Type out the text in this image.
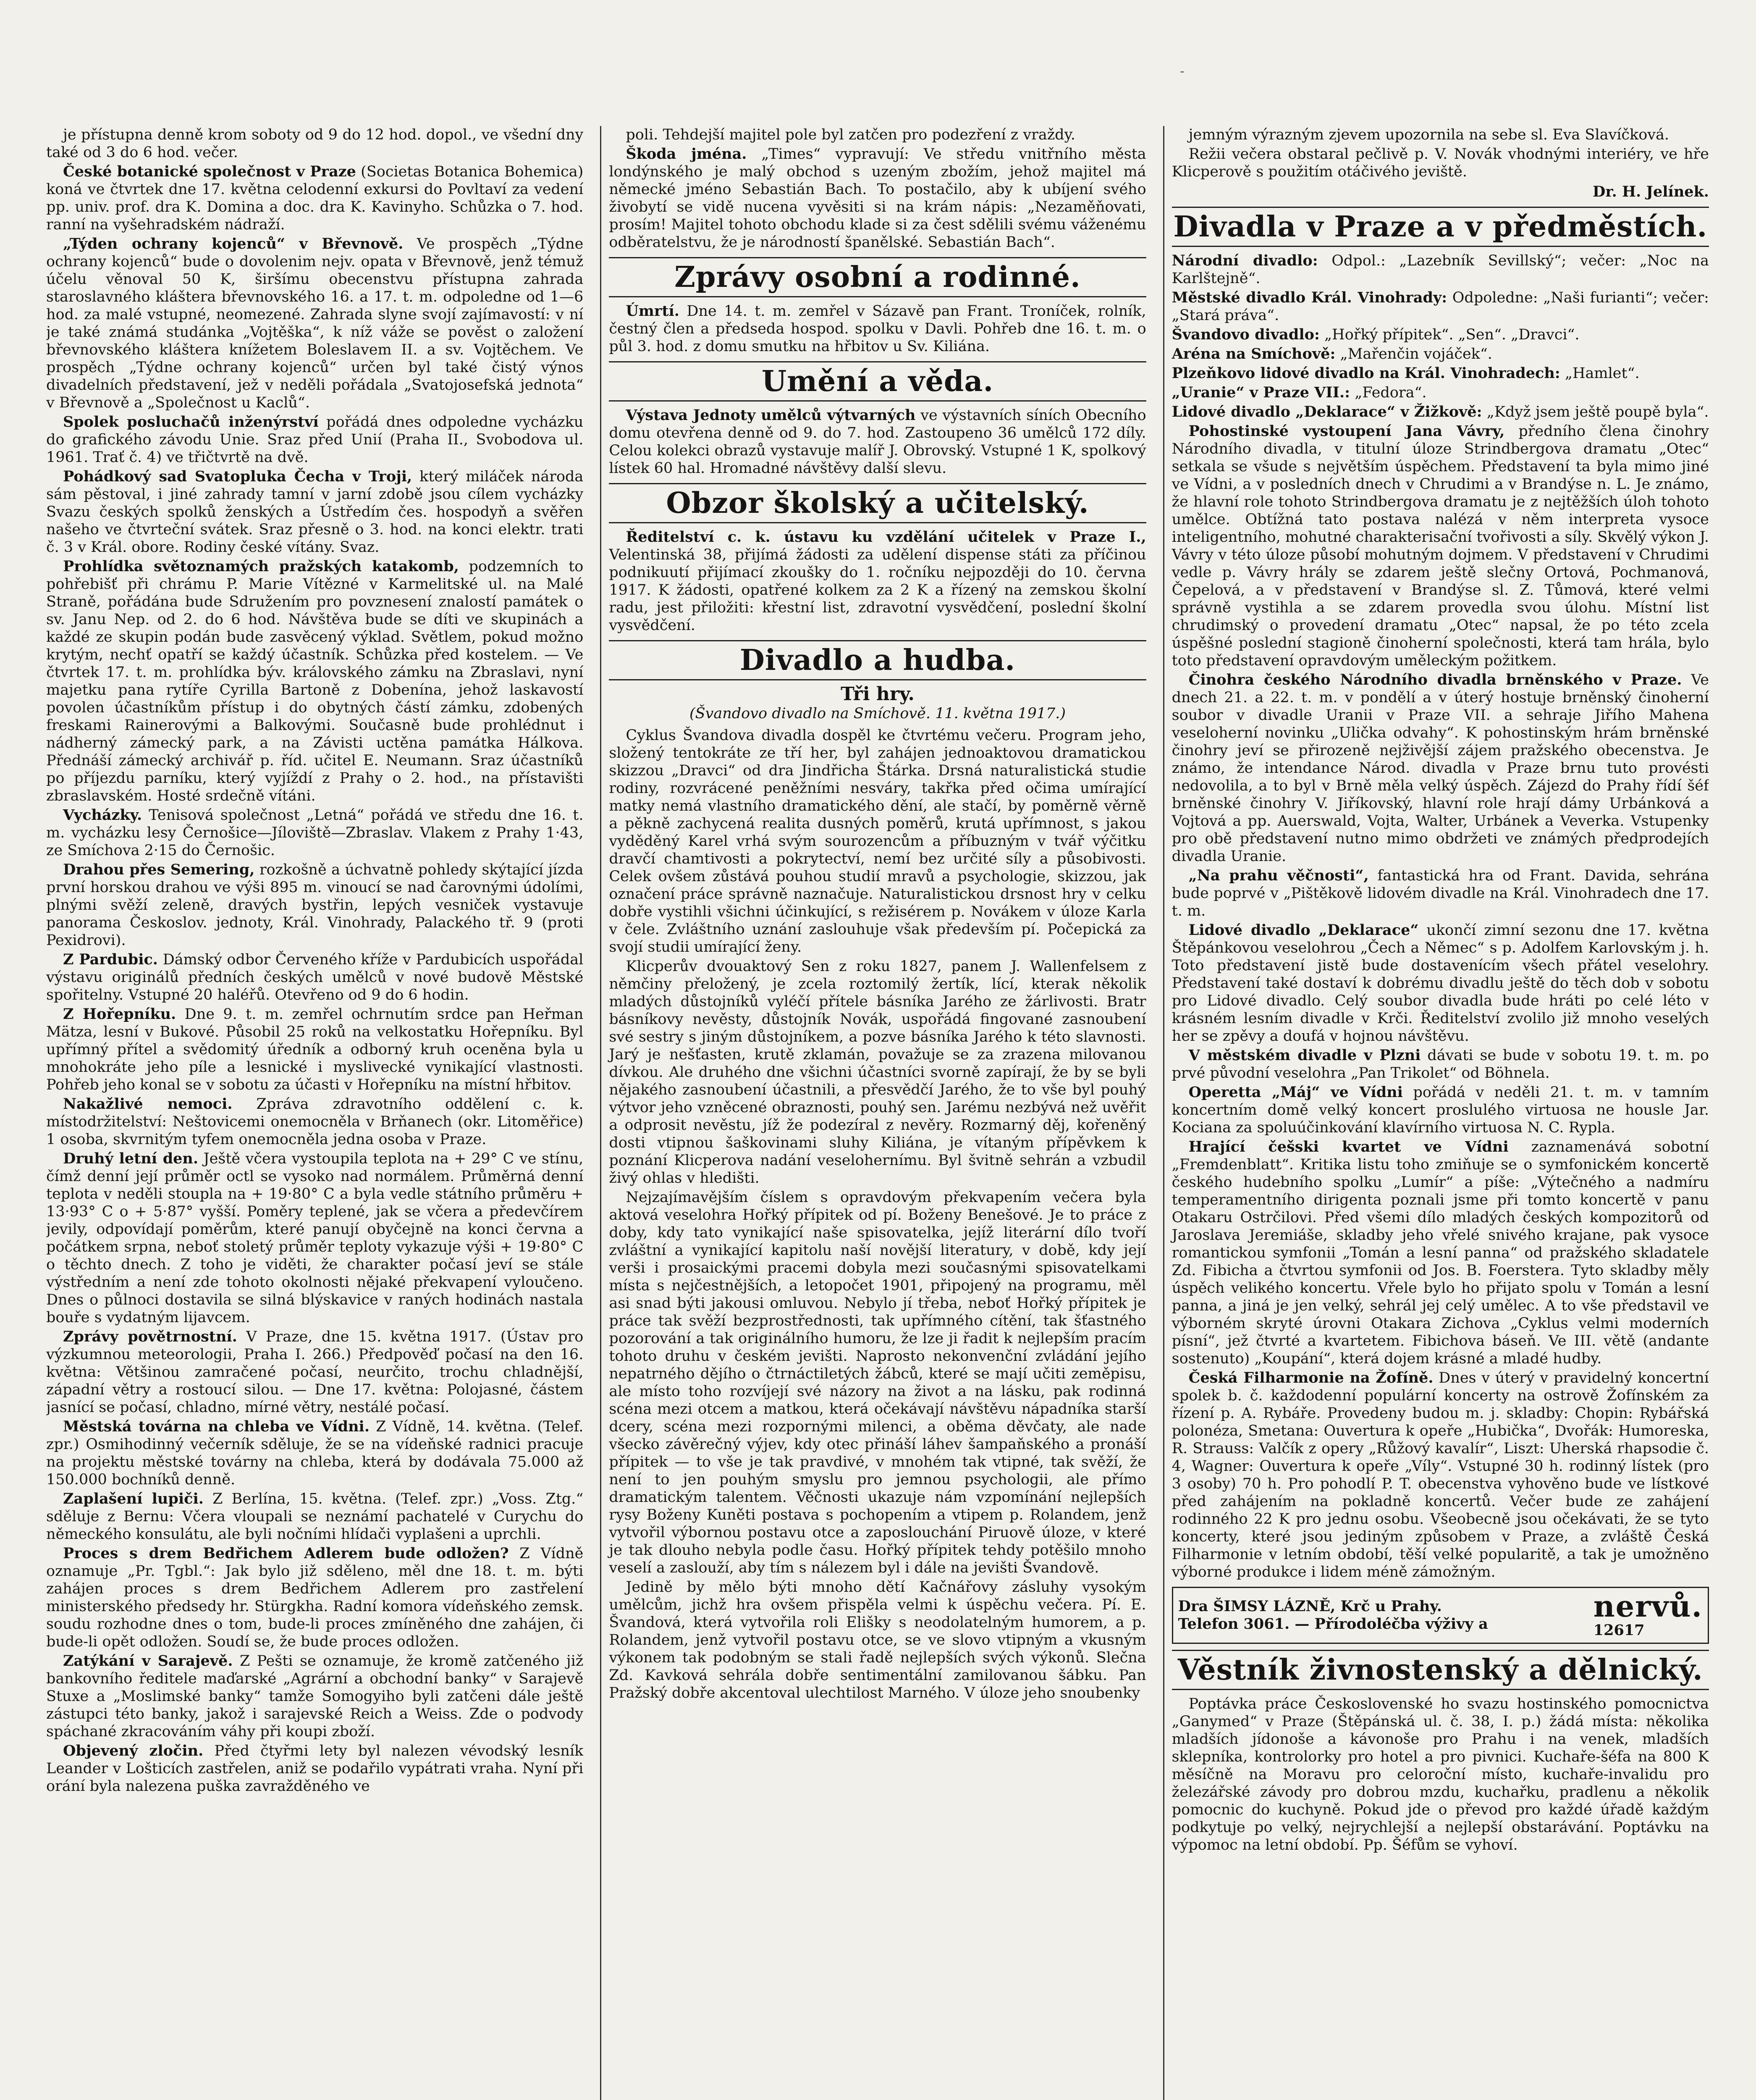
je přístupna denně krom soboty od 9 do 12 hod. dopol., ve všední dny také od 3 do 6 hod. večer.

České botanické společnost v Praze (Societas Botanica Bohemica) koná ve čtvrtek dne 17. května celodenní exkursi do Povltaví za vedení pp. univ. prof. dra K. Domina a doc. dra K. Kavinyho. Schůzka o 7. hod. ranní na vyšehradském nádraží.

„Týden ochrany kojenců“ v Břevnově. Ve prospěch „Týdne ochrany kojenců“ bude o dovolenim nejv. opata v Břevnově, jenž témuž účelu věnoval 50 K, širšímu obecenstvu přístupna zahrada staroslavného kláštera břevnovského 16. a 17. t. m. odpoledne od 1—6 hod. za malé vstupné, neomezené. Zahrada slyne svojí zajímavostí: v ní je také známá studánka „Vojtěška“, k níž váže se pověst o založení břevnovského kláštera knížetem Boleslavem II. a sv. Vojtěchem. Ve prospěch „Týdne ochrany kojenců“ určen byl také čistý výnos divadelních představení, jež v neděli pořádala „Svatojosefská jednota“ v Břevnově a „Společnost u Kaclů“.

Spolek posluchačů inženýrství pořádá dnes odpoledne vycházku do grafického závodu Unie. Sraz před Unií (Praha II., Svobodova ul. 1961. Trať č. 4) ve třičtvrtě na dvě.

Pohádkový sad Svatopluka Čecha v Troji, který miláček národa sám pěstoval, i jiné zahrady tamní v jarní zdobě jsou cílem vycházky Svazu českých spolků ženských a Ústředím čes. hospodyň a svěřen našeho ve čtvrteční svátek. Sraz přesně o 3. hod. na konci elektr. trati č. 3 v Král. obore. Rodiny české vítány. Svaz.

Prohlídka světoznamých pražských katakomb, podzemních to pohřebišť při chrámu P. Marie Vítězné v Karmelitské ul. na Malé Straně, pořádána bude Sdružením pro povznesení znalostí památek o sv. Janu Nep. od 2. do 6 hod. Návštěva bude se díti ve skupinách a každé ze skupin podán bude zasvěcený výklad. Světlem, pokud možno krytým, nechť opatří se každý účastník. Schůzka před kostelem. — Ve čtvrtek 17. t. m. prohlídka býv. královského zámku na Zbraslavi, nyní majetku pana rytíře Cyrilla Bartoně z Dobenína, jehož laskavostí povolen účastníkům přístup i do obytných částí zámku, zdobených freskami Rainerovými a Balkovými. Současně bude prohlédnut i nádherný zámecký park, a na Závisti uctěna památka Hálkova. Přednáší zámecký archivář p. říd. učitel E. Neumann. Sraz účastníků po příjezdu parníku, který vyjíždí z Prahy o 2. hod., na přístavišti zbraslavském. Hosté srdečně vítáni.

Vycházky. Tenisová společnost „Letná“ pořádá ve středu dne 16. t. m. vycházku lesy Černošice—Jíloviště—Zbraslav. Vlakem z Prahy 1·43, ze Smíchova 2·15 do Černošic.

Drahou přes Semering, rozkošně a úchvatně pohledy skýtající jízda první horskou drahou ve výši 895 m. vinoucí se nad čarovnými údolími, plnými svěží zeleně, dravých bystřin, lepých vesniček vystavuje panorama Českoslov. jednoty, Král. Vinohrady, Palackého tř. 9 (proti Pexidrovi).

Z Pardubic. Dámský odbor Červeného kříže v Pardubicích uspořádal výstavu originálů předních českých umělců v nové budově Městské spořitelny. Vstupné 20 haléřů. Otevřeno od 9 do 6 hodin.

Z Hořepníku. Dne 9. t. m. zemřel ochrnutím srdce pan Heřman Mätza, lesní v Bukové. Působil 25 roků na velkostatku Hořepníku. Byl upřímný přítel a svědomitý úředník a odborný kruh oceněna byla u mnohokráte jeho píle a lesnické i myslivecké vynikající vlastnosti. Pohřeb jeho konal se v sobotu za účasti v Hořepníku na místní hřbitov.

Nakažlivé nemoci. Zpráva zdravotního oddělení c. k. místodržitelství: Neštovicemi onemocněla v Brňanech (okr. Litoměřice) 1 osoba, skvrnitým tyfem onemocněla jedna osoba v Praze.

Druhý letní den. Ještě včera vystoupila teplota na + 29° C ve stínu, čímž denní její průměr octl se vysoko nad normálem. Průměrná denní teplota v neděli stoupla na + 19·80° C a byla vedle státního průměru + 13·93° C o + 5·87° vyšší. Poměry teplené, jak se včera a předevčírem jevily, odpovídají poměrům, které panují obyčejně na konci června a počátkem srpna, neboť stoletý průměr teploty vykazuje výši + 19·80° C o těchto dnech. Z toho je viděti, že charakter počasí jeví se stále výstředním a není zde tohoto okolnosti nějaké překvapení vyloučeno. Dnes o půlnoci dostavila se silná blýskavice v raných hodinách nastala bouře s vydatným lijavcem.

Zprávy povětrnostní. V Praze, dne 15. května 1917. (Ústav pro výzkumnou meteorologii, Praha I. 266.) Předpověď počasí na den 16. května: Většinou zamračené počasí, neurčito, trochu chladnější, západní větry a rostoucí silou. — Dne 17. května: Polojasné, částem jasnící se počasí, chladno, mírné větry, nestálé počasí.

Městská továrna na chleba ve Vídni. Z Vídně, 14. května. (Telef. zpr.) Osmihodinný večerník sděluje, že se na vídeňské radnici pracuje na projektu městské továrny na chleba, která by dodávala 75.000 až 150.000 bochníků denně.

Zaplašení lupiči. Z Berlína, 15. května. (Telef. zpr.) „Voss. Ztg.“ sděluje z Bernu: Včera vloupali se neznámí pachatelé v Curychu do německého konsulátu, ale byli nočními hlídači vyplašeni a uprchli.

Proces s drem Bedřichem Adlerem bude odložen? Z Vídně oznamuje „Pr. Tgbl.“: Jak bylo již sděleno, měl dne 18. t. m. býti zahájen proces s drem Bedřichem Adlerem pro zastřelení ministerského předsedy hr. Stürgkha. Radní komora vídeňského zemsk. soudu rozhodne dnes o tom, bude-li proces zmíněného dne zahájen, či bude-li opět odložen. Soudí se, že bude proces odložen.

Zatýkání v Sarajevě. Z Pešti se oznamuje, že kromě zatčeného již bankovního ředitele maďarské „Agrární a obchodní banky“ v Sarajevě Stuxe a „Moslimské banky“ tamže Somogyiho byli zatčeni dále ještě zástupci této banky, jakož i sarajevské Reich a Weiss. Zde o podvody spáchané zkracováním váhy při koupi zboží.

Objevený zločin. Před čtyřmi lety byl nalezen vévodský lesník Leander v Lošticích zastřelen, aniž se podařilo vypátrati vraha. Nyní při orání byla nalezena puška zavražděného ve

poli. Tehdejší majitel pole byl zatčen pro podezření z vraždy.

Škoda jména. „Times“ vypravují: Ve středu vnitřního města londýnského je malý obchod s uzeným zbožím, jehož majitel má německé jméno Sebastián Bach. To postačilo, aby k ubíjení svého živobytí se vidě nucena vyvěsiti si na krám nápis: „Nezaměňovati, prosím! Majitel tohoto obchodu klade si za čest sdělili svému váženému odběratelstvu, že je národností španělské. Sebastián Bach“.

Zprávy osobní a rodinné.

Úmrtí. Dne 14. t. m. zemřel v Sázavě pan Frant. Troníček, rolník, čestný člen a předseda hospod. spolku v Davli. Pohřeb dne 16. t. m. o půl 3. hod. z domu smutku na hřbitov u Sv. Kiliána.

Umění a věda.

Výstava Jednoty umělců výtvarných ve výstavních síních Obecního domu otevřena denně od 9. do 7. hod. Zastoupeno 36 umělců 172 díly. Celou kolekci obrazů vystavuje malíř J. Obrovský. Vstupné 1 K, spolkový lístek 60 hal. Hromadné návštěvy další slevu.

Obzor školský a učitelský.

Ředitelství c. k. ústavu ku vzdělání učitelek v Praze I., Velentinská 38, přijímá žádosti za udělení dispense státi za příčinou podnikuutí přijímací zkoušky do 1. ročníku nejpozději do 10. června 1917. K žádosti, opatřené kolkem za 2 K a řízený na zemskou školní radu, jest přiložiti: křestní list, zdravotní vysvědčení, poslední školní vysvědčení.

Divadlo a hudba.
Tři hry.
(Švandovo divadlo na Smíchově. 11. května 1917.)

Cyklus Švandova divadla dospěl ke čtvrtému večeru. Program jeho, složený tentokráte ze tří her, byl zahájen jednoaktovou dramatickou skizzou „Dravci“ od dra Jindřicha Štárka. Drsná naturalistická studie rodiny, rozvrácené peněžními nesváry, takřka před očima umírající matky nemá vlastního dramatického dění, ale stačí, by poměrně věrně a pěkně zachycená realita dusných poměrů, krutá upřímnost, s jakou vyděděný Karel vrhá svým sourozencům a příbuzným v tvář výčitku dravčí chamtivosti a pokrytectví, nemí bez určité síly a působivosti. Celek ovšem zůstává pouhou studií mravů a psychologie, skizzou, jak označení práce správně naznačuje. Naturalistickou drsnost hry v celku dobře vystihli všichni účinkující, s režisérem p. Novákem v úloze Karla v čele. Zvláštního uznání zaslouhuje však především pí. Počepická za svojí studii umírající ženy.

Klicperův dvouaktový Sen z roku 1827, panem J. Wallenfelsem z němčiny přeložený, je zcela roztomilý žertík, lící, kterak několik mladých důstojníků vyléčí přítele básníka Jarého ze žárlivosti. Bratr básníkovy nevěsty, důstojník Novák, uspořádá fingované zasnoubení své sestry s jiným důstojníkem, a pozve básníka Jarého k této slavnosti. Jarý je nešťasten, krutě zklamán, považuje se za zrazena milovanou dívkou. Ale druhého dne všichni účastníci svorně zapírají, že by se byli nějakého zasnoubení účastnili, a přesvědčí Jarého, že to vše byl pouhý výtvor jeho vzněcené obraznosti, pouhý sen. Jarému nezbývá než uvěřit a odprosit nevěstu, jíž že podezíral z nevěry. Rozmarný děj, kořeněný dosti vtipnou šaškovinami sluhy Kiliána, je vítaným přípěvkem k poznání Klicperova nadání veselohernímu. Byl švitně sehrán a vzbudil živý ohlas v hledišti.

Nejzajímavějším číslem s opravdovým překvapením večera byla aktová veselohra Hořký přípitek od pí. Boženy Benešové. Je to práce z doby, kdy tato vynikající naše spisovatelka, jejíž literární dílo tvoří zvláštní a vynikající kapitolu naší novější literatury, v době, kdy její verši i prosaickými pracemi dobyla mezi současnými spisovatelkami místa s nejčestnějších, a letopočet 1901, připojený na programu, měl asi snad býti jakousi omluvou. Nebylo jí třeba, neboť Hořký přípitek je práce tak svěží bezprostřednosti, tak upřímného cítění, tak šťastného pozorování a tak originálního humoru, že lze ji řadit k nejlepším pracím tohoto druhu v českém jevišti. Naprosto nekonvenční zvládání jejího nepatrného dějího o čtrnáctiletých žábců, které se mají učiti zeměpisu, ale místo toho rozvíjejí své názory na život a na lásku, pak rodinná scéna mezi otcem a matkou, která očekávají návštěvu nápadníka starší dcery, scéna mezi rozpornými milenci, a oběma děvčaty, ale nade všecko závěrečný výjev, kdy otec přináší láhev šampaňského a pronáší přípitek — to vše je tak pravdivé, v mnohém tak vtipné, tak svěží, že není to jen pouhým smyslu pro jemnou psychologii, ale přímo dramatickým talentem. Věčnosti ukazuje nám vzpomínání nejlepších rysy Boženy Kuněti postava s pochopením a vtipem p. Rolandem, jenž vytvořil výbornou postavu otce a zaposlouchání Piruově úloze, v které je tak dlouho nebyla podle času. Hořký přípitek tehdy potěšilo mnoho veselí a zaslouží, aby tím s nálezem byl i dále na jevišti Švandově.

Jedině by mělo býti mnoho dětí Kačnářovy zásluhy vysokým umělcům, jichž hra ovšem přispěla velmi k úspěchu večera. Pí. E. Švandová, která vytvořila roli Elišky s neodolatelným humorem, a p. Rolandem, jenž vytvořil postavu otce, se ve slovo vtipným a vkusným výkonem tak podobným se stali řadě nejlepších svých výkonů. Slečna Zd. Kavková sehrála dobře sentimentální zamilovanou šábku. Pan Pražský dobře akcentoval ulechtilost Marného. V úloze jeho snoubenky

jemným výrazným zjevem upozornila na sebe sl. Eva Slavíčková.

Režii večera obstaral pečlivě p. V. Novák vhodnými interiéry, ve hře Klicperově s použitím otáčivého jeviště.

Dr. H. Jelínek.
Divadla v Praze a v předměstích.

Národní divadlo: Odpol.: „Lazebník Sevillský“; večer: „Noc na Karlštejně“.

Městské divadlo Král. Vinohrady: Odpoledne: „Naši furianti“; večer: „Stará práva“.

Švandovo divadlo: „Hořký přípitek“. „Sen“. „Dravci“.

Aréna na Smíchově: „Mařenčin vojáček“.

Plzeňkovo lidové divadlo na Král. Vinohradech: „Hamlet“.

„Uranie“ v Praze VII.: „Fedora“.

Lidové divadlo „Deklarace“ v Žižkově: „Když jsem ještě poupě byla“.

Pohostinské vystoupení Jana Vávry, předního člena činohry Národního divadla, v titulní úloze Strindbergova dramatu „Otec“ setkala se všude s největším úspěchem. Představení ta byla mimo jiné ve Vídni, a v posledních dnech v Chrudimi a v Brandýse n. L. Je známo, že hlavní role tohoto Strindbergova dramatu je z nejtěžších úloh tohoto umělce. Obtížná tato postava nalézá v něm interpreta vysoce inteligentního, mohutné charakterisační tvořivosti a síly. Skvělý výkon J. Vávry v této úloze působí mohutným dojmem. V představení v Chrudimi vedle p. Vávry hrály se zdarem ještě slečny Ortová, Pochmanová, Čepelová, a v představení v Brandýse sl. Z. Tůmová, které velmi správně vystihla a se zdarem provedla svou úlohu. Místní list chrudimský o provedení dramatu „Otec“ napsal, že po této zcela úspěšné poslední stagioně činoherní společnosti, která tam hrála, bylo toto představení opravdovým uměleckým požitkem.

Činohra českého Národního divadla brněnského v Praze. Ve dnech 21. a 22. t. m. v pondělí a v úterý hostuje brněnský činoherní soubor v divadle Uranii v Praze VII. a sehraje Jiřího Mahena veseloherní novinku „Ulička odvahy“. K pohostinským hrám brněnské činohry jeví se přirozeně nejživější zájem pražského obecenstva. Je známo, že intendance Národ. divadla v Praze brnu tuto provésti nedovolila, a to byl v Brně měla velký úspěch. Zájezd do Prahy řídí šéf brněnské činohry V. Jiříkovský, hlavní role hrají dámy Urbánková a Vojtová a pp. Auerswald, Vojta, Walter, Urbánek a Veverka. Vstupenky pro obě představení nutno mimo obdržeti ve známých předprodejích divadla Uranie.

„Na prahu věčnosti“, fantastická hra od Frant. Davida, sehrána bude poprvé v „Pištěkově lidovém divadle na Král. Vinohradech dne 17. t. m.

Lidové divadlo „Deklarace“ ukončí zimní sezonu dne 17. května Štěpánkovou veselohrou „Čech a Němec“ s p. Adolfem Karlovským j. h. Toto představení jistě bude dostavenícím všech přátel veselohry. Představení také dostaví k dobrému divadlu ještě do těch dob v sobotu pro Lidové divadlo. Celý soubor divadla bude hráti po celé léto v krásném lesním divadle v Krči. Ředitelství zvolilo již mnoho veselých her se zpěvy a doufá v hojnou návštěvu.

V městském divadle v Plzni dávati se bude v sobotu 19. t. m. po prvé původní veselohra „Pan Trikolet“ od Böhnela.

Operetta „Máj“ ve Vídni pořádá v neděli 21. t. m. v tamním koncertním domě velký koncert proslulého virtuosa ne housle Jar. Kociana za spoluúčinkování klavírního virtuosa N. C. Rypla.

Hrající češski kvartet ve Vídni zaznamenává sobotní „Fremdenblatt“. Kritika listu toho zmiňuje se o symfonickém koncertě českého hudebního spolku „Lumír“ a píše: „Výtečného a nadmíru temperamentního dirigenta poznali jsme při tomto koncertě v panu Otakaru Ostrčilovi. Před všemi dílo mladých českých kompozitorů od Jaroslava Jeremiáše, skladby jeho vřelé snivého krajane, pak vysoce romantickou symfonii „Tomán a lesní panna“ od pražského skladatele Zd. Fibicha a čtvrtou symfonii od Jos. B. Foerstera. Tyto skladby měly úspěch velikého koncertu. Vřele bylo ho přijato spolu v Tomán a lesní panna, a jiná je jen velký, sehrál jej celý umělec. A to vše představil ve výborném skryté úrovni Otakara Zichova „Cyklus velmi moderních písní“, jež čtvrté a kvartetem. Fibichova báseň. Ve III. větě (andante sostenuto) „Koupání“, která dojem krásné a mladé hudby.

Česká Filharmonie na Žofíně. Dnes v úterý v pravidelný koncertní spolek b. č. každodenní populární koncerty na ostrově Žofínském za řízení p. A. Rybáře. Provedeny budou m. j. skladby: Chopin: Rybářská polonéza, Smetana: Ouvertura k opeře „Hubička“, Dvořák: Humoreska, R. Strauss: Valčík z opery „Růžový kavalír“, Liszt: Uherská rhapsodie č. 4, Wagner: Ouvertura k opeře „Víly“. Vstupné 30 h. rodinný lístek (pro 3 osoby) 70 h. Pro pohodlí P. T. obecenstva vyhověno bude ve lístkové před zahájením na pokladně koncertů. Večer bude ze zahájení rodinného 22 K pro jednu osobu. Všeobecně jsou očekávati, že se tyto koncerty, které jsou jediným způsobem v Praze, a zvláště Česká Filharmonie v letním období, těší velké popularitě, a tak je umožněno výborné produkce i lidem méně zámožným.

Dra ŠIMSY LÁZNĚ, Krč u Prahy.
Telefon 3061. — Přírodoléčba výživy a
nervů.
12617
Věstník živnostenský a dělnický.

Poptávka práce Československé ho svazu hostinského pomocnictva „Ganymed“ v Praze (Štěpánská ul. č. 38, I. p.) žádá místa: několika mladších jídonoše a kávonoše pro Prahu i na venek, mladších sklepníka, kontrolorky pro hotel a pro pivnici. Kuchaře-šéfa na 800 K měsíčně na Moravu pro celoroční místo, kuchaře-invalidu pro železářské závody pro dobrou mzdu, kuchařku, pradlenu a několik pomocnic do kuchyně. Pokud jde o převod pro každé úřadě každým podkytuje po velký, nejrychlejší a nejlepší obstarávání. Poptávku na výpomoc na letní období. Pp. Šéfům se vyhoví.

-
